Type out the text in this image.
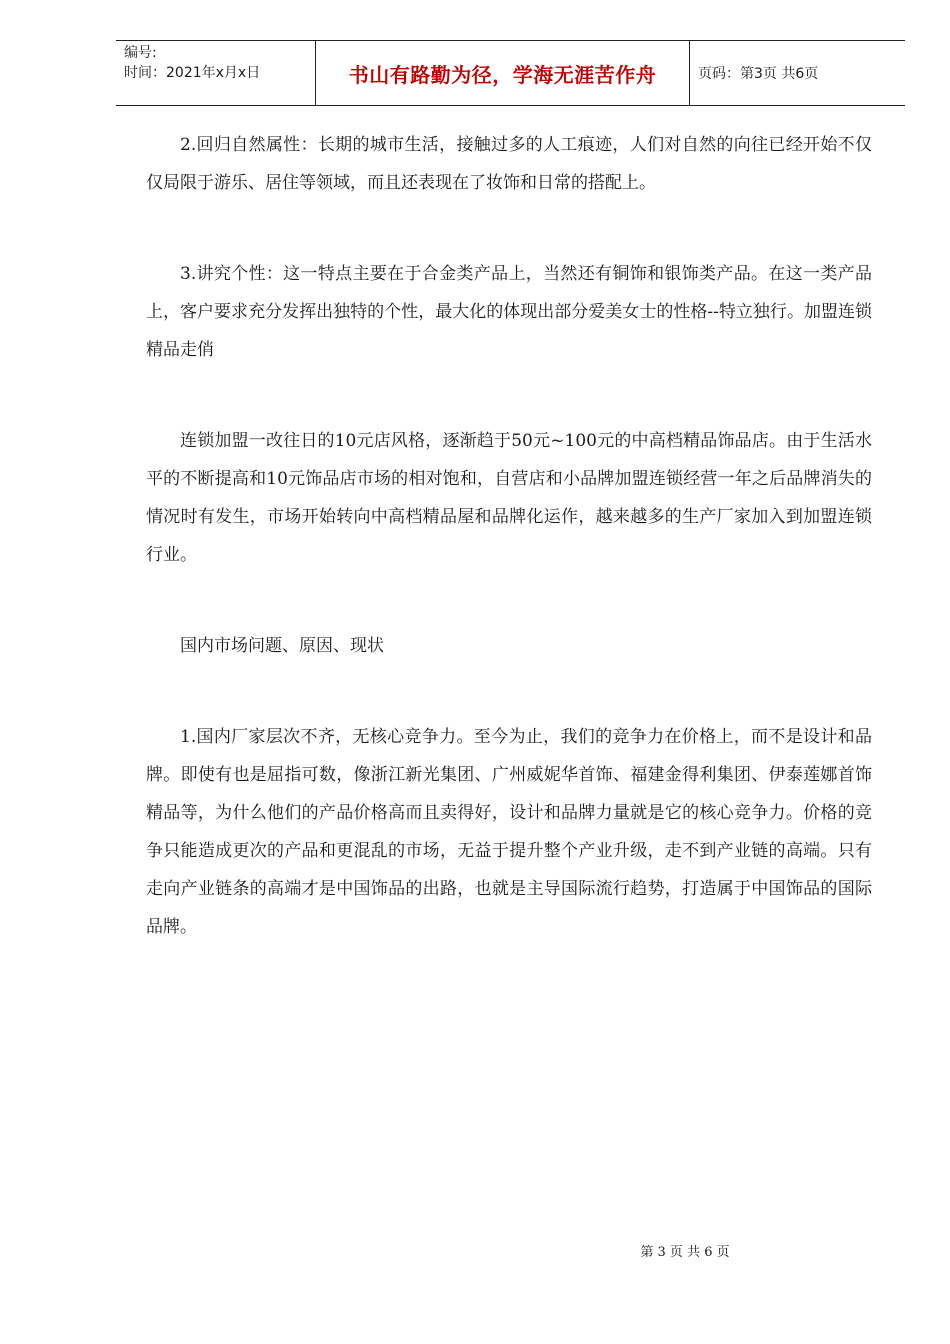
编号:
时间：2021年x月x日	书山有路勤为径，学海无涯苦作舟	页码：第3页 共6页

2.回归自然属性：长期的城市生活，接触过多的人工痕迹，人们对自然的向往已经开始不仅仅局限于游乐、居住等领域，而且还表现在了妆饰和日常的搭配上。

3.讲究个性：这一特点主要在于合金类产品上，当然还有铜饰和银饰类产品。在这一类产品上，客户要求充分发挥出独特的个性，最大化的体现出部分爱美女士的性格--特立独行。加盟连锁精品走俏

连锁加盟一改往日的10元店风格，逐渐趋于50元~100元的中高档精品饰品店。由于生活水平的不断提高和10元饰品店市场的相对饱和，自营店和小品牌加盟连锁经营一年之后品牌消失的情况时有发生，市场开始转向中高档精品屋和品牌化运作，越来越多的生产厂家加入到加盟连锁行业。

国内市场问题、原因、现状

1.国内厂家层次不齐，无核心竞争力。至今为止，我们的竞争力在价格上，而不是设计和品牌。即使有也是屈指可数，像浙江新光集团、广州威妮华首饰、福建金得利集团、伊泰莲娜首饰精品等，为什么他们的产品价格高而且卖得好，设计和品牌力量就是它的核心竞争力。价格的竞争只能造成更次的产品和更混乱的市场，无益于提升整个产业升级，走不到产业链的高端。只有走向产业链条的高端才是中国饰品的出路，也就是主导国际流行趋势，打造属于中国饰品的国际品牌。

第 3 页 共 6 页
